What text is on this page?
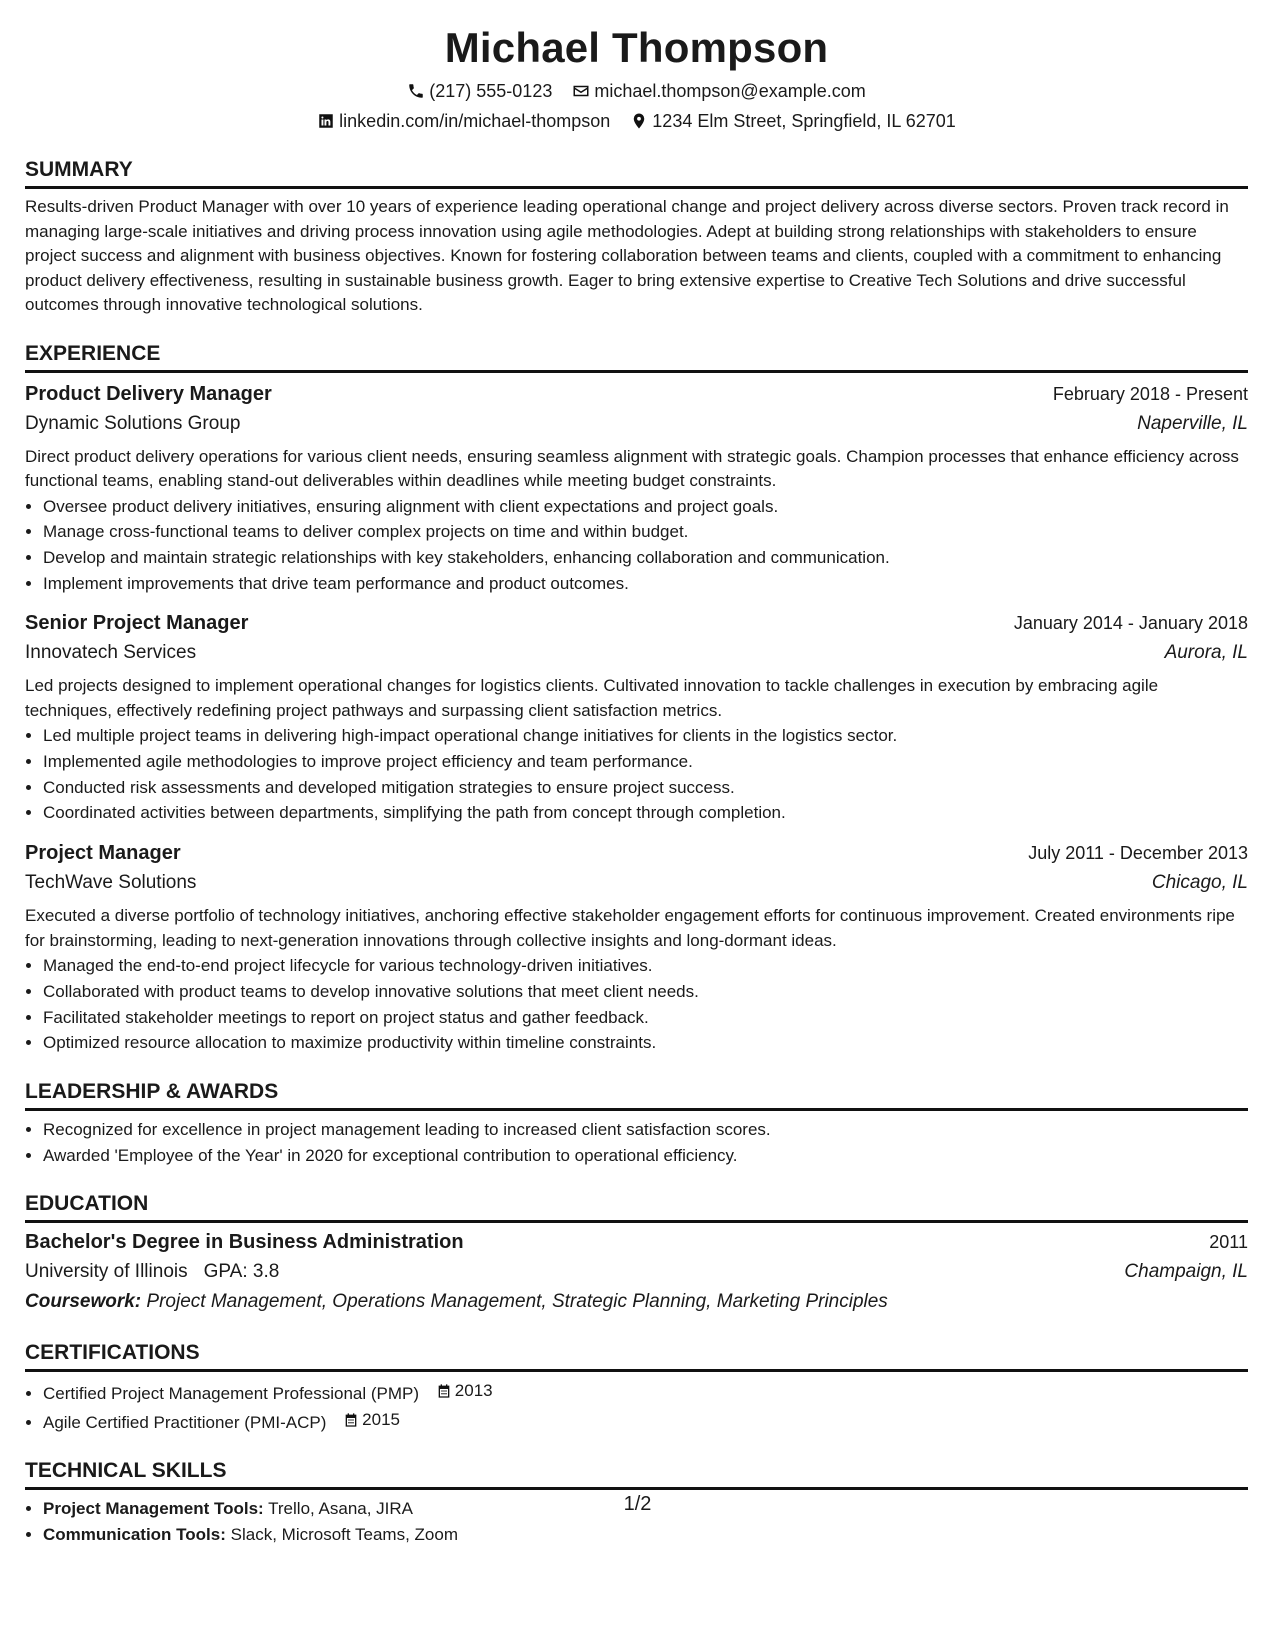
Michael Thompson
(217) 555-0123 michael.thompson@example.com
linkedin.com/in/michael-thompson 1234 Elm Street, Springfield, IL 62701
SUMMARY

Results-driven Product Manager with over 10 years of experience leading operational change and project delivery across diverse sectors. Proven track record in managing large-scale initiatives and driving process innovation using agile methodologies. Adept at building strong relationships with stakeholders to ensure project success and alignment with business objectives. Known for fostering collaboration between teams and clients, coupled with a commitment to enhancing product delivery effectiveness, resulting in sustainable business growth. Eager to bring extensive expertise to Creative Tech Solutions and drive successful outcomes through innovative technological solutions.

EXPERIENCE
Product Delivery Manager	February 2018 - Present
Dynamic Solutions Group	Naperville, IL

Direct product delivery operations for various client needs, ensuring seamless alignment with strategic goals. Champion processes that enhance efficiency across functional teams, enabling stand-out deliverables within deadlines while meeting budget constraints.

• Oversee product delivery initiatives, ensuring alignment with client expectations and project goals.
• Manage cross-functional teams to deliver complex projects on time and within budget.
• Develop and maintain strategic relationships with key stakeholders, enhancing collaboration and communication.
• Implement improvements that drive team performance and product outcomes.
Senior Project Manager	January 2014 - January 2018
Innovatech Services	Aurora, IL

Led projects designed to implement operational changes for logistics clients. Cultivated innovation to tackle challenges in execution by embracing agile techniques, effectively redefining project pathways and surpassing client satisfaction metrics.

• Led multiple project teams in delivering high-impact operational change initiatives for clients in the logistics sector.
• Implemented agile methodologies to improve project efficiency and team performance.
• Conducted risk assessments and developed mitigation strategies to ensure project success.
• Coordinated activities between departments, simplifying the path from concept through completion.
Project Manager	July 2011 - December 2013
TechWave Solutions	Chicago, IL

Executed a diverse portfolio of technology initiatives, anchoring effective stakeholder engagement efforts for continuous improvement. Created environments ripe for brainstorming, leading to next-generation innovations through collective insights and long-dormant ideas.

• Managed the end-to-end project lifecycle for various technology-driven initiatives.
• Collaborated with product teams to develop innovative solutions that meet client needs.
• Facilitated stakeholder meetings to report on project status and gather feedback.
• Optimized resource allocation to maximize productivity within timeline constraints.
LEADERSHIP & AWARDS
• Recognized for excellence in project management leading to increased client satisfaction scores.
• Awarded 'Employee of the Year' in 2020 for exceptional contribution to operational efficiency.
EDUCATION
Bachelor's Degree in Business Administration	2011
University of Illinois GPA: 3.8	Champaign, IL
Coursework: Project Management, Operations Management, Strategic Planning, Marketing Principles
CERTIFICATIONS
• Certified Project Management Professional (PMP) 2013
• Agile Certified Practitioner (PMI-ACP) 2015
TECHNICAL SKILLS
• Project Management Tools: Trello, Asana, JIRA
• Communication Tools: Slack, Microsoft Teams, Zoom
1/2
